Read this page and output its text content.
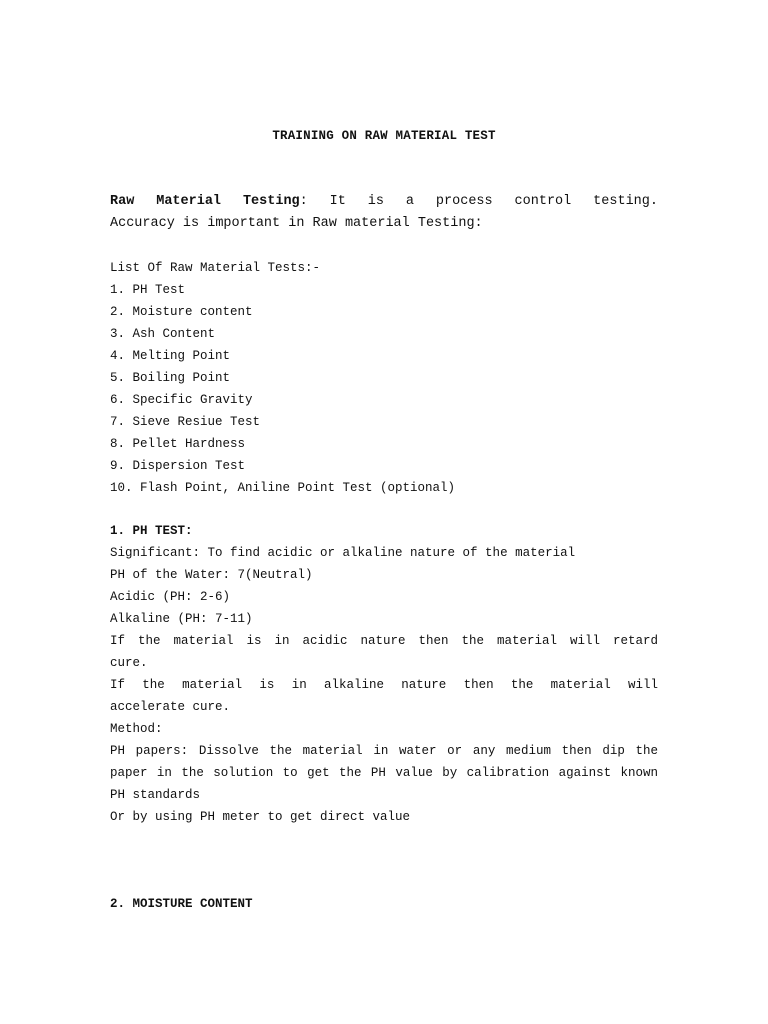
TRAINING ON RAW MATERIAL TEST
Raw Material Testing: It is a process control testing.
Accuracy is important in Raw material Testing:
List Of Raw Material Tests:-
1. PH Test
2. Moisture content
3. Ash Content
4. Melting Point
5. Boiling Point
6. Specific Gravity
7. Sieve Resiue Test
8. Pellet Hardness
9. Dispersion Test
10. Flash Point, Aniline Point Test (optional)
1. PH TEST:
Significant: To find acidic or alkaline nature of the material
PH of the Water: 7(Neutral)
Acidic (PH: 2-6)
Alkaline (PH: 7-11)
If the material is in acidic nature then the material will retard
cure.
If the material is in alkaline nature then the material will
accelerate cure.
Method:
PH papers: Dissolve the material in water or any medium then dip the
paper in the solution to get the PH value by calibration against known
PH standards
Or by using PH meter to get direct value
2. MOISTURE CONTENT
